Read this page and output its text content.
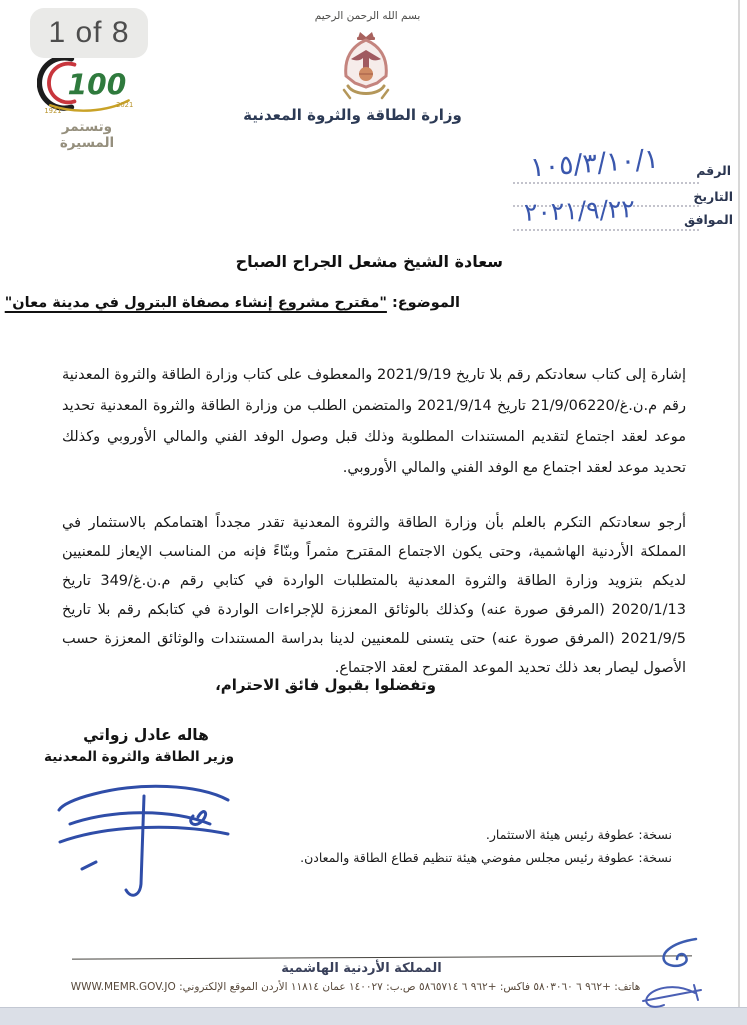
1 of 8
100
1921
2021
وتستمر المسيرة
بسم الله الرحمن الرحيم
وزارة الطاقة والثروة المعدنية
الرقم
التاريخ
الموافق
١٠٥/٣/١٠/١
٢٠٢١/٩/٢٢
سعادة الشيخ مشعل الجراح الصباح
الموضوع: "مقترح مشروع إنشاء مصفاة البترول في مدينة معان"

إشارة إلى كتاب سعادتكم رقم بلا تاريخ 2021/9/19 والمعطوف على كتاب وزارة الطاقة والثروة المعدنية رقم م.ن.غ/21/9/06220 تاريخ 2021/9/14 والمتضمن الطلب من وزارة الطاقة والثروة المعدنية تحديد موعد لعقد اجتماع لتقديم المستندات المطلوبة وذلك قبل وصول الوفد الفني والمالي الأوروبي وكذلك تحديد موعد لعقد اجتماع مع الوفد الفني والمالي الأوروبي.

أرجو سعادتكم التكرم بالعلم بأن وزارة الطاقة والثروة المعدنية تقدر مجدداً اهتمامكم بالاستثمار في المملكة الأردنية الهاشمية، وحتى يكون الاجتماع المقترح مثمراً وبنّاءً فإنه من المناسب الإيعاز للمعنيين لديكم بتزويد وزارة الطاقة والثروة المعدنية بالمتطلبات الواردة في كتابي رقم م.ن.غ/349 تاريخ 2020/1/13 (المرفق صورة عنه) وكذلك بالوثائق المعززة للإجراءات الواردة في كتابكم رقم بلا تاريخ 2021/9/5 (المرفق صورة عنه) حتى يتسنى للمعنيين لدينا بدراسة المستندات والوثائق المعززة حسب الأصول ليصار بعد ذلك تحديد الموعد المقترح لعقد الاجتماع.

وتفضلوا بقبول فائق الاحترام،
هاله عادل زواتي
وزير الطاقة والثروة المعدنية
نسخة: عطوفة رئيس هيئة الاستثمار.
نسخة: عطوفة رئيس مجلس مفوضي هيئة تنظيم قطاع الطاقة والمعادن.
المملكة الأردنية الهاشمية
هاتف: +٩٦٢ ٦ ٥٨٠٣٠٦٠ فاكس: +٩٦٢ ٦ ٥٨٦٥٧١٤ ص.ب: ١٤٠٠٢٧ عمان ١١٨١٤ الأردن الموقع الإلكتروني: WWW.MEMR.GOV.JO
